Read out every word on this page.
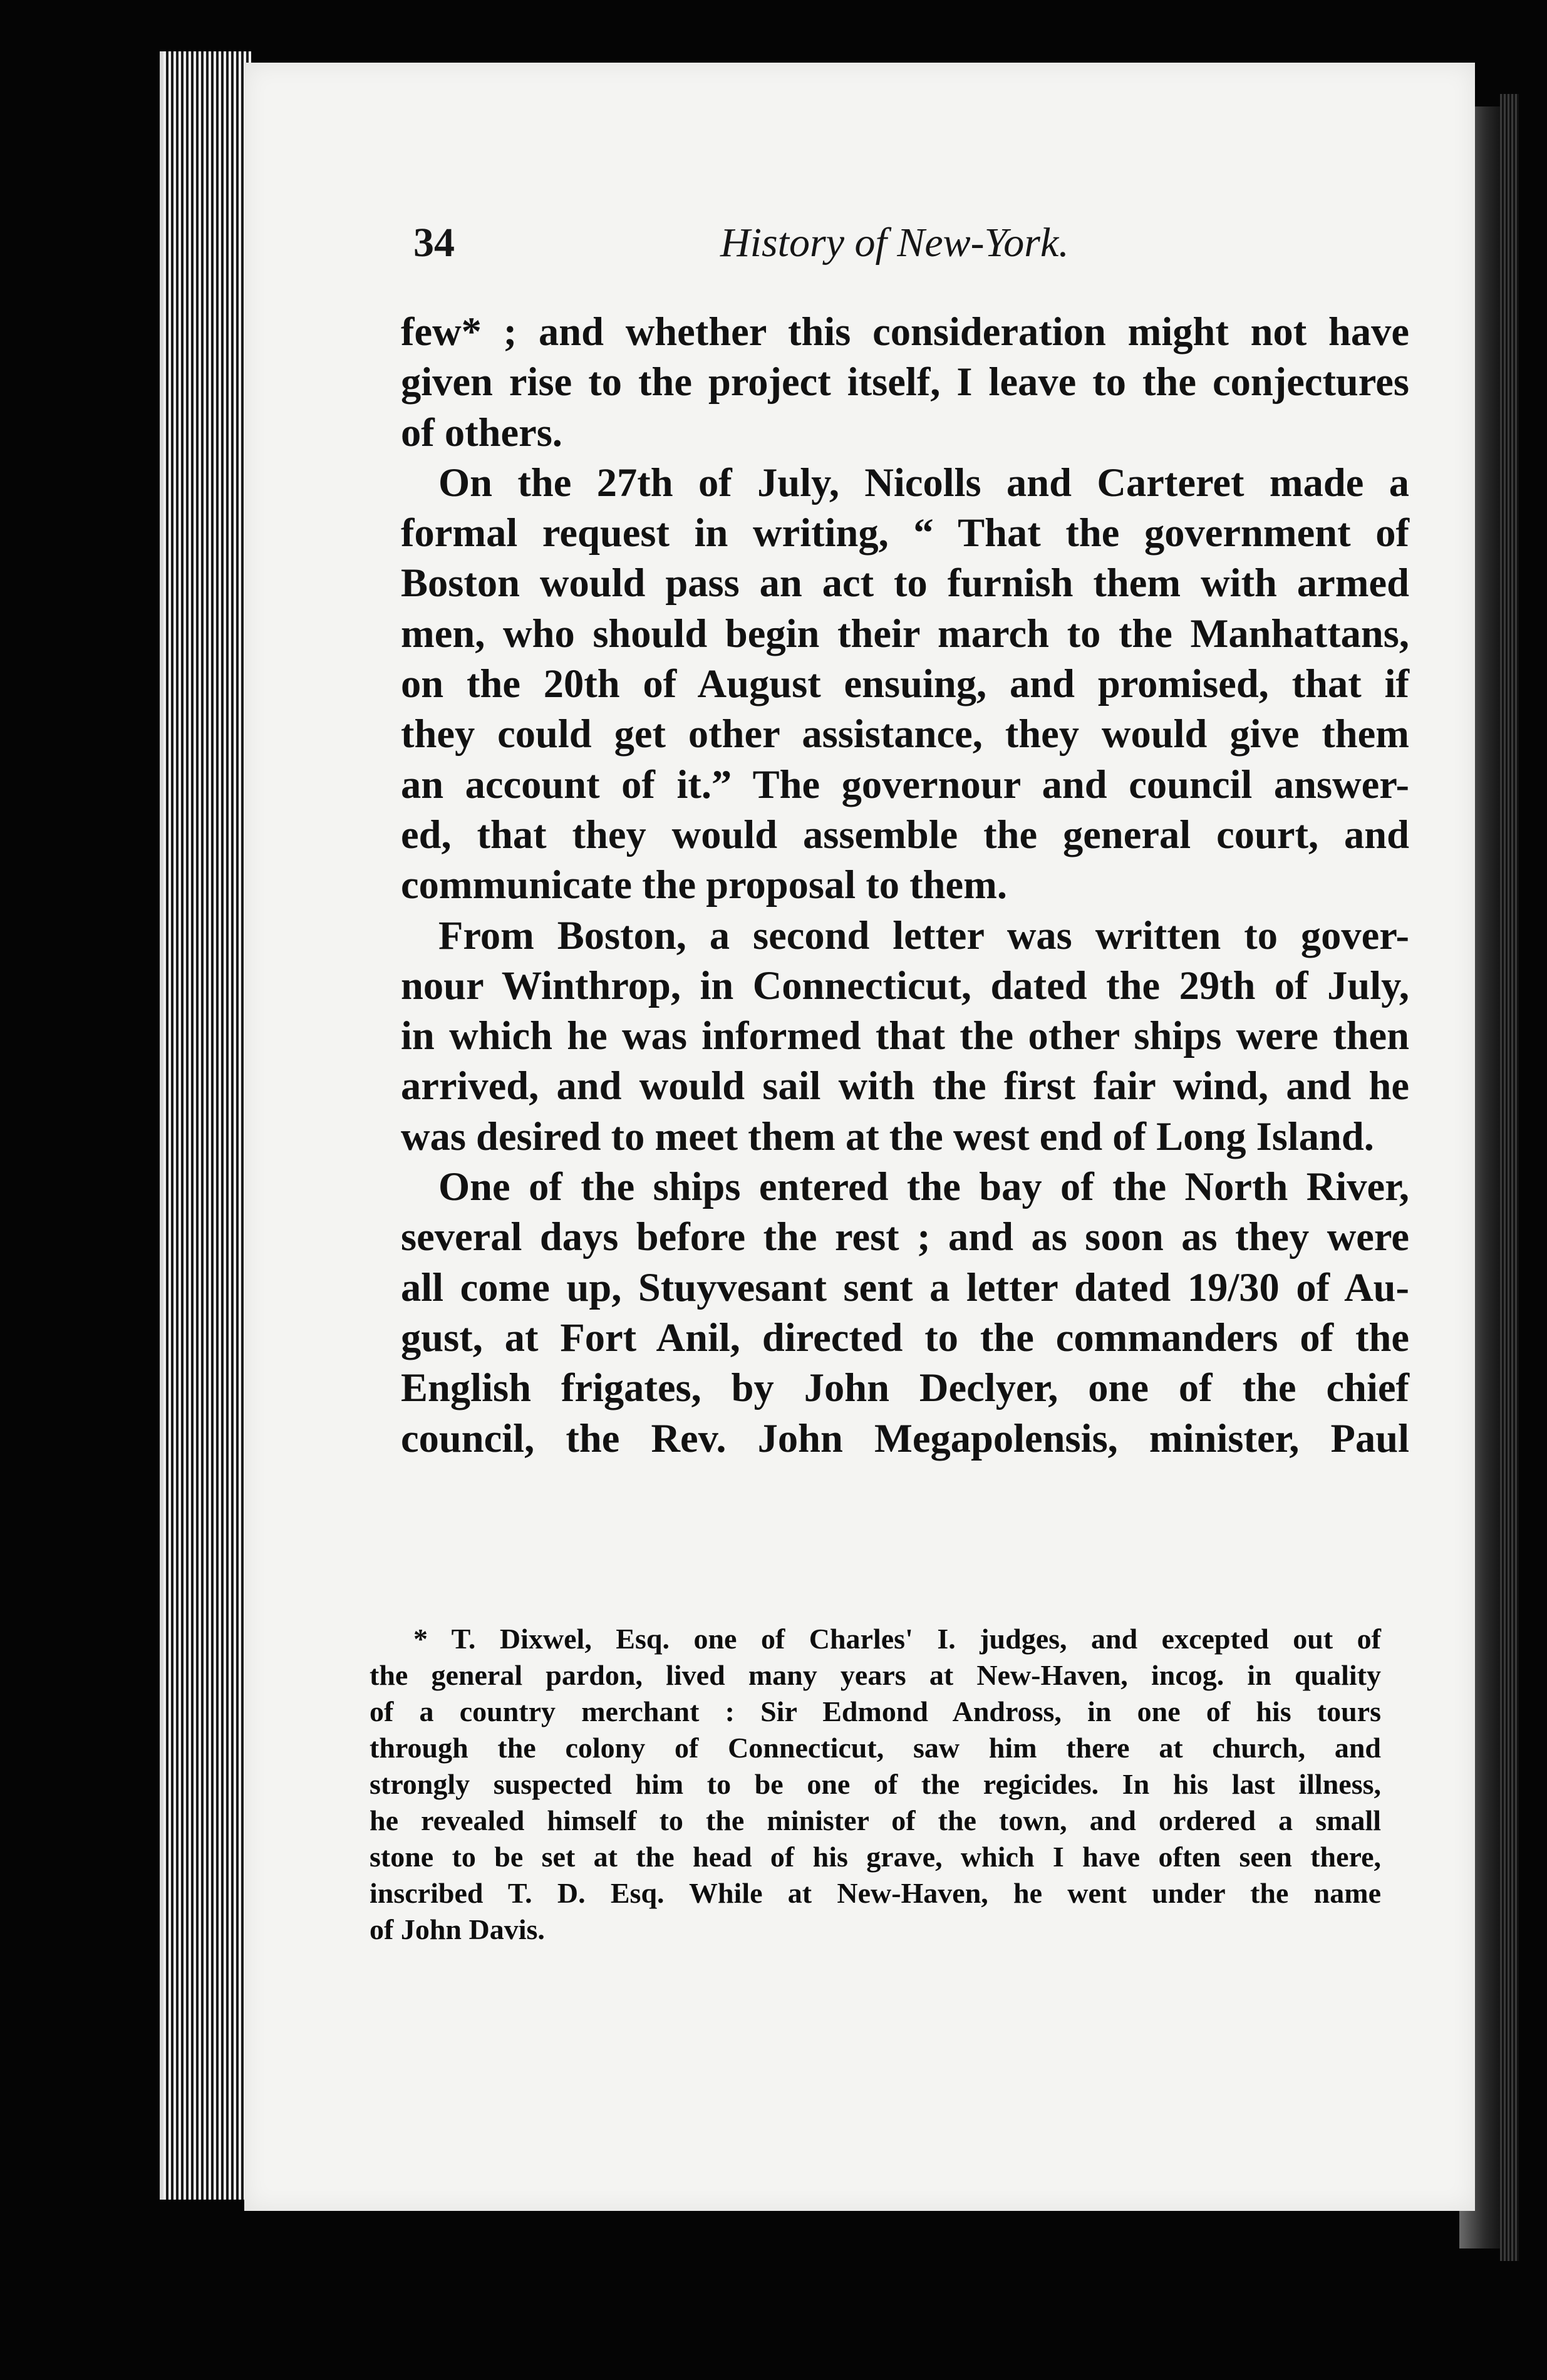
34	History of New-York.

few* ; and whether this consideration might not have

given rise to the project itself, I leave to the conjectures

of others.

On the 27th of July, Nicolls and Carteret made a

formal request in writing, “ That the government of

Boston would pass an act to furnish them with armed

men, who should begin their march to the Manhattans,

on the 20th of August ensuing, and promised, that if

they could get other assistance, they would give them

an account of it.” The governour and council answer-

ed, that they would assemble the general court, and

communicate the proposal to them.

From Boston, a second letter was written to gover-

nour Winthrop, in Connecticut, dated the 29th of July,

in which he was informed that the other ships were then

arrived, and would sail with the first fair wind, and he

was desired to meet them at the west end of Long Island.

One of the ships entered the bay of the North River,

several days before the rest ; and as soon as they were

all come up, Stuyvesant sent a letter dated 19/30 of Au-

gust, at Fort Anil, directed to the commanders of the

English frigates, by John Declyer, one of the chief

council, the Rev. John Megapolensis, minister, Paul

* T. Dixwel, Esq. one of Charles' I. judges, and excepted out of

the general pardon, lived many years at New-Haven, incog. in quality

of a country merchant : Sir Edmond Andross, in one of his tours

through the colony of Connecticut, saw him there at church, and

strongly suspected him to be one of the regicides. In his last illness,

he revealed himself to the minister of the town, and ordered a small

stone to be set at the head of his grave, which I have often seen there,

inscribed T. D. Esq. While at New-Haven, he went under the name

of John Davis.
